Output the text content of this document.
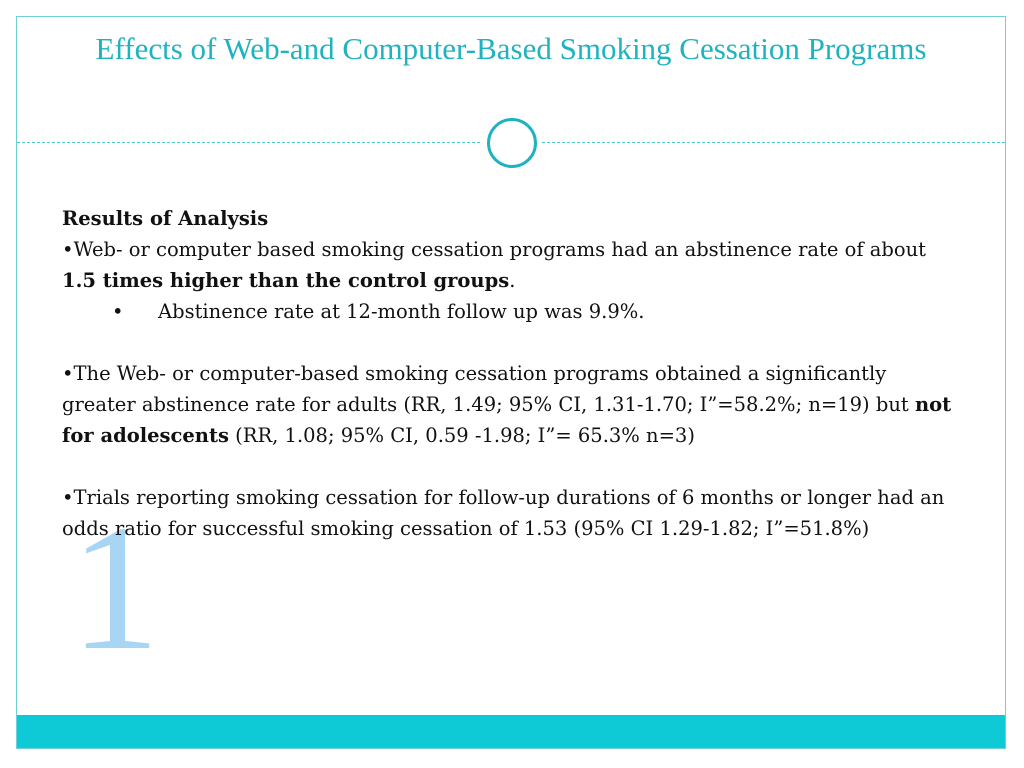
Effects of Web-and Computer-Based Smoking Cessation Programs
1

Results of Analysis

•Web- or computer based smoking cessation programs had an abstinence rate of about 1.5 times higher than the control groups.

• Abstinence rate at 12-month follow up was 9.9%.

•The Web- or computer-based smoking cessation programs obtained a significantly greater abstinence rate for adults (RR, 1.49; 95% CI, 1.31-1.70; I”=58.2%; n=19) but not for adolescents (RR, 1.08; 95% CI, 0.59 -1.98; I”= 65.3% n=3)

•Trials reporting smoking cessation for follow-up durations of 6 months or longer had an odds ratio for successful smoking cessation of 1.53 (95% CI 1.29-1.82; I”=51.8%)
